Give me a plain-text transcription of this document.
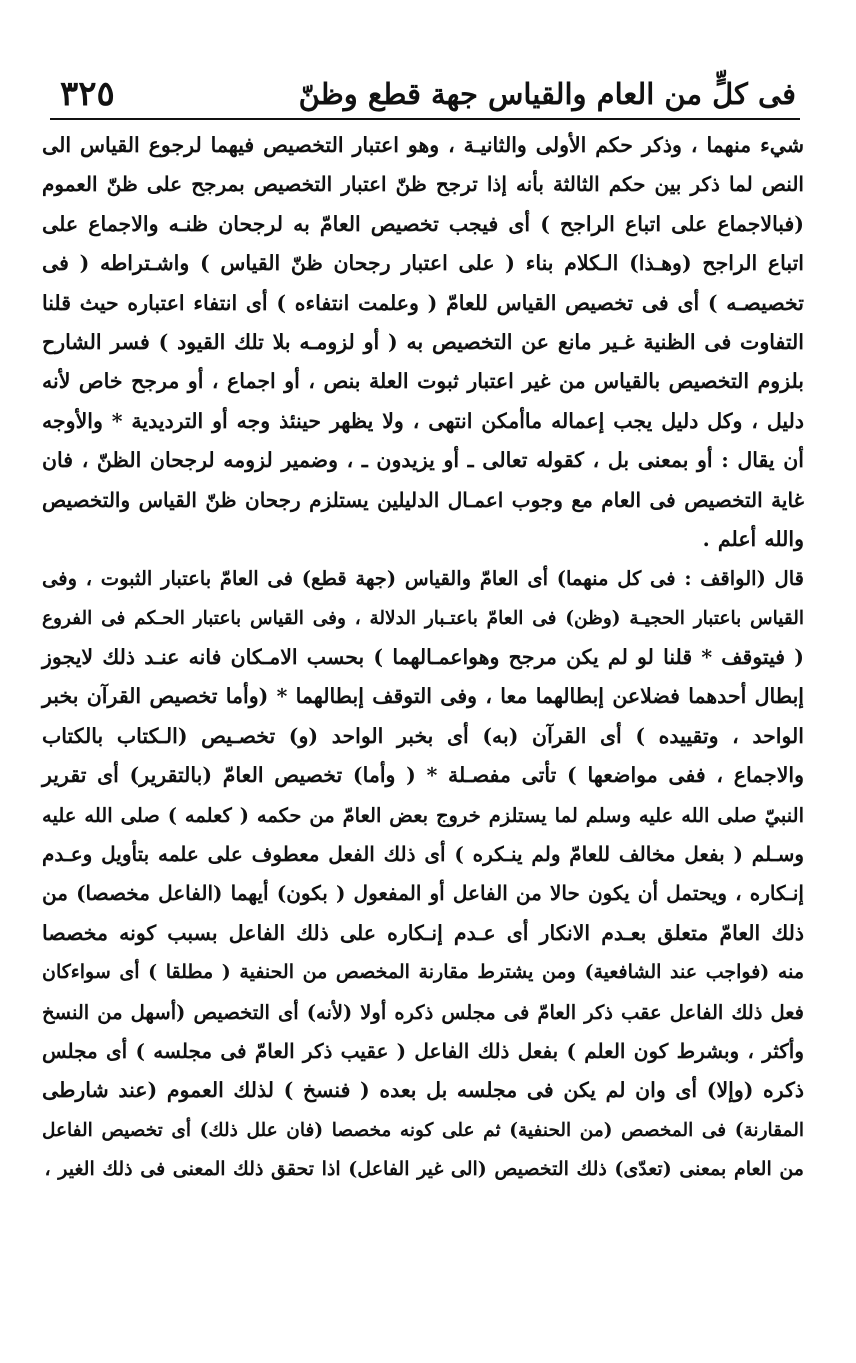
فى كلٍّ من العام والقياس جهة قطع وظنّ
٣٢٥
شيء منهما ، وذكر حكم الأولى والثانيـة ، وهو اعتبار التخصيص فيهما لرجوع القياس الى
النص لما ذكر بين حكم الثالثة بأنه إذا ترجح ظنّ اعتبار التخصيص بمرجح على ظنّ العموم
(فبالاجماع على اتباع الراجح ) أى فيجب تخصيص العامّ به لرجحان ظنـه والاجماع على
اتباع الراجح (وهـذا) الـكلام بناء ( على اعتبار رجحان ظنّ القياس ) واشـتراطه ( فى
تخصيصـه ) أى فى تخصيص القياس للعامّ ( وعلمت انتفاءه ) أى انتفاء اعتباره حيث قلنا
التفاوت فى الظنية غـير مانع عن التخصيص به ( أو لزومـه بلا تلك القيود ) فسر الشارح
بلزوم التخصيص بالقياس من غير اعتبار ثبوت العلة بنص ، أو اجماع ، أو مرجح خاص لأنه
دليل ، وكل دليل يجب إعماله ماأمكن انتهى ، ولا يظهر حينئذ وجه أو الترديدية * والأوجه
أن يقال : أو بمعنى بل ، كقوله تعالى ـ أو يزيدون ـ ، وضمير لزومه لرجحان الظنّ ، فان
غاية التخصيص فى العام مع وجوب اعمـال الدليلين يستلزم رجحان ظنّ القياس والتخصيص
والله أعلم .
قال (الواقف : فى كل منهما) أى العامّ والقياس (جهة قطع) فى العامّ باعتبار الثبوت ، وفى
القياس باعتبار الحجيـة (وظن) فى العامّ باعتـبار الدلالة ، وفى القياس باعتبار الحـكم فى الفروع
( فيتوقف * قلنا لو لم يكن مرجح وهواعمـالهما ) بحسب الامـكان فانه عنـد ذلك لايجوز
إبطال أحدهما فضلاعن إبطالهما معا ، وفى التوقف إبطالهما * (وأما تخصيص القرآن بخبر
الواحد ، وتقييده ) أى القرآن (به) أى بخبر الواحد (و) تخصـيص (الـكتاب بالكتاب
والاجماع ، ففى مواضعها ) تأتى مفصـلة * ( وأما) تخصيص العامّ (بالتقرير) أى تقرير
النبيّ صلى الله عليه وسلم لما يستلزم خروج بعض العامّ من حكمه ( كعلمه ) صلى الله عليه
وسـلم ( بفعل مخالف للعامّ ولم ينـكره ) أى ذلك الفعل معطوف على علمه بتأويل وعـدم
إنـكاره ، ويحتمل أن يكون حالا من الفاعل أو المفعول ( بكون) أيهما (الفاعل مخصصا) من
ذلك العامّ متعلق بعـدم الانكار أى عـدم إنـكاره على ذلك الفاعل بسبب كونه مخصصا
منه (فواجب عند الشافعية) ومن يشترط مقارنة المخصص من الحنفية ( مطلقا ) أى سواءكان
فعل ذلك الفاعل عقب ذكر العامّ فى مجلس ذكره أولا (لأنه) أى التخصيص (أسهل من النسخ
وأكثر ، وبشرط كون العلم ) بفعل ذلك الفاعل ( عقيب ذكر العامّ فى مجلسه ) أى مجلس
ذكره (وإلا) أى وان لم يكن فى مجلسه بل بعده ( فنسخ ) لذلك العموم (عند شارطى
المقارنة) فى المخصص (من الحنفية) ثم على كونه مخصصا (فان علل ذلك) أى تخصيص الفاعل
من العام بمعنى (تعدّى) ذلك التخصيص (الى غير الفاعل) اذا تحقق ذلك المعنى فى ذلك الغير ،
